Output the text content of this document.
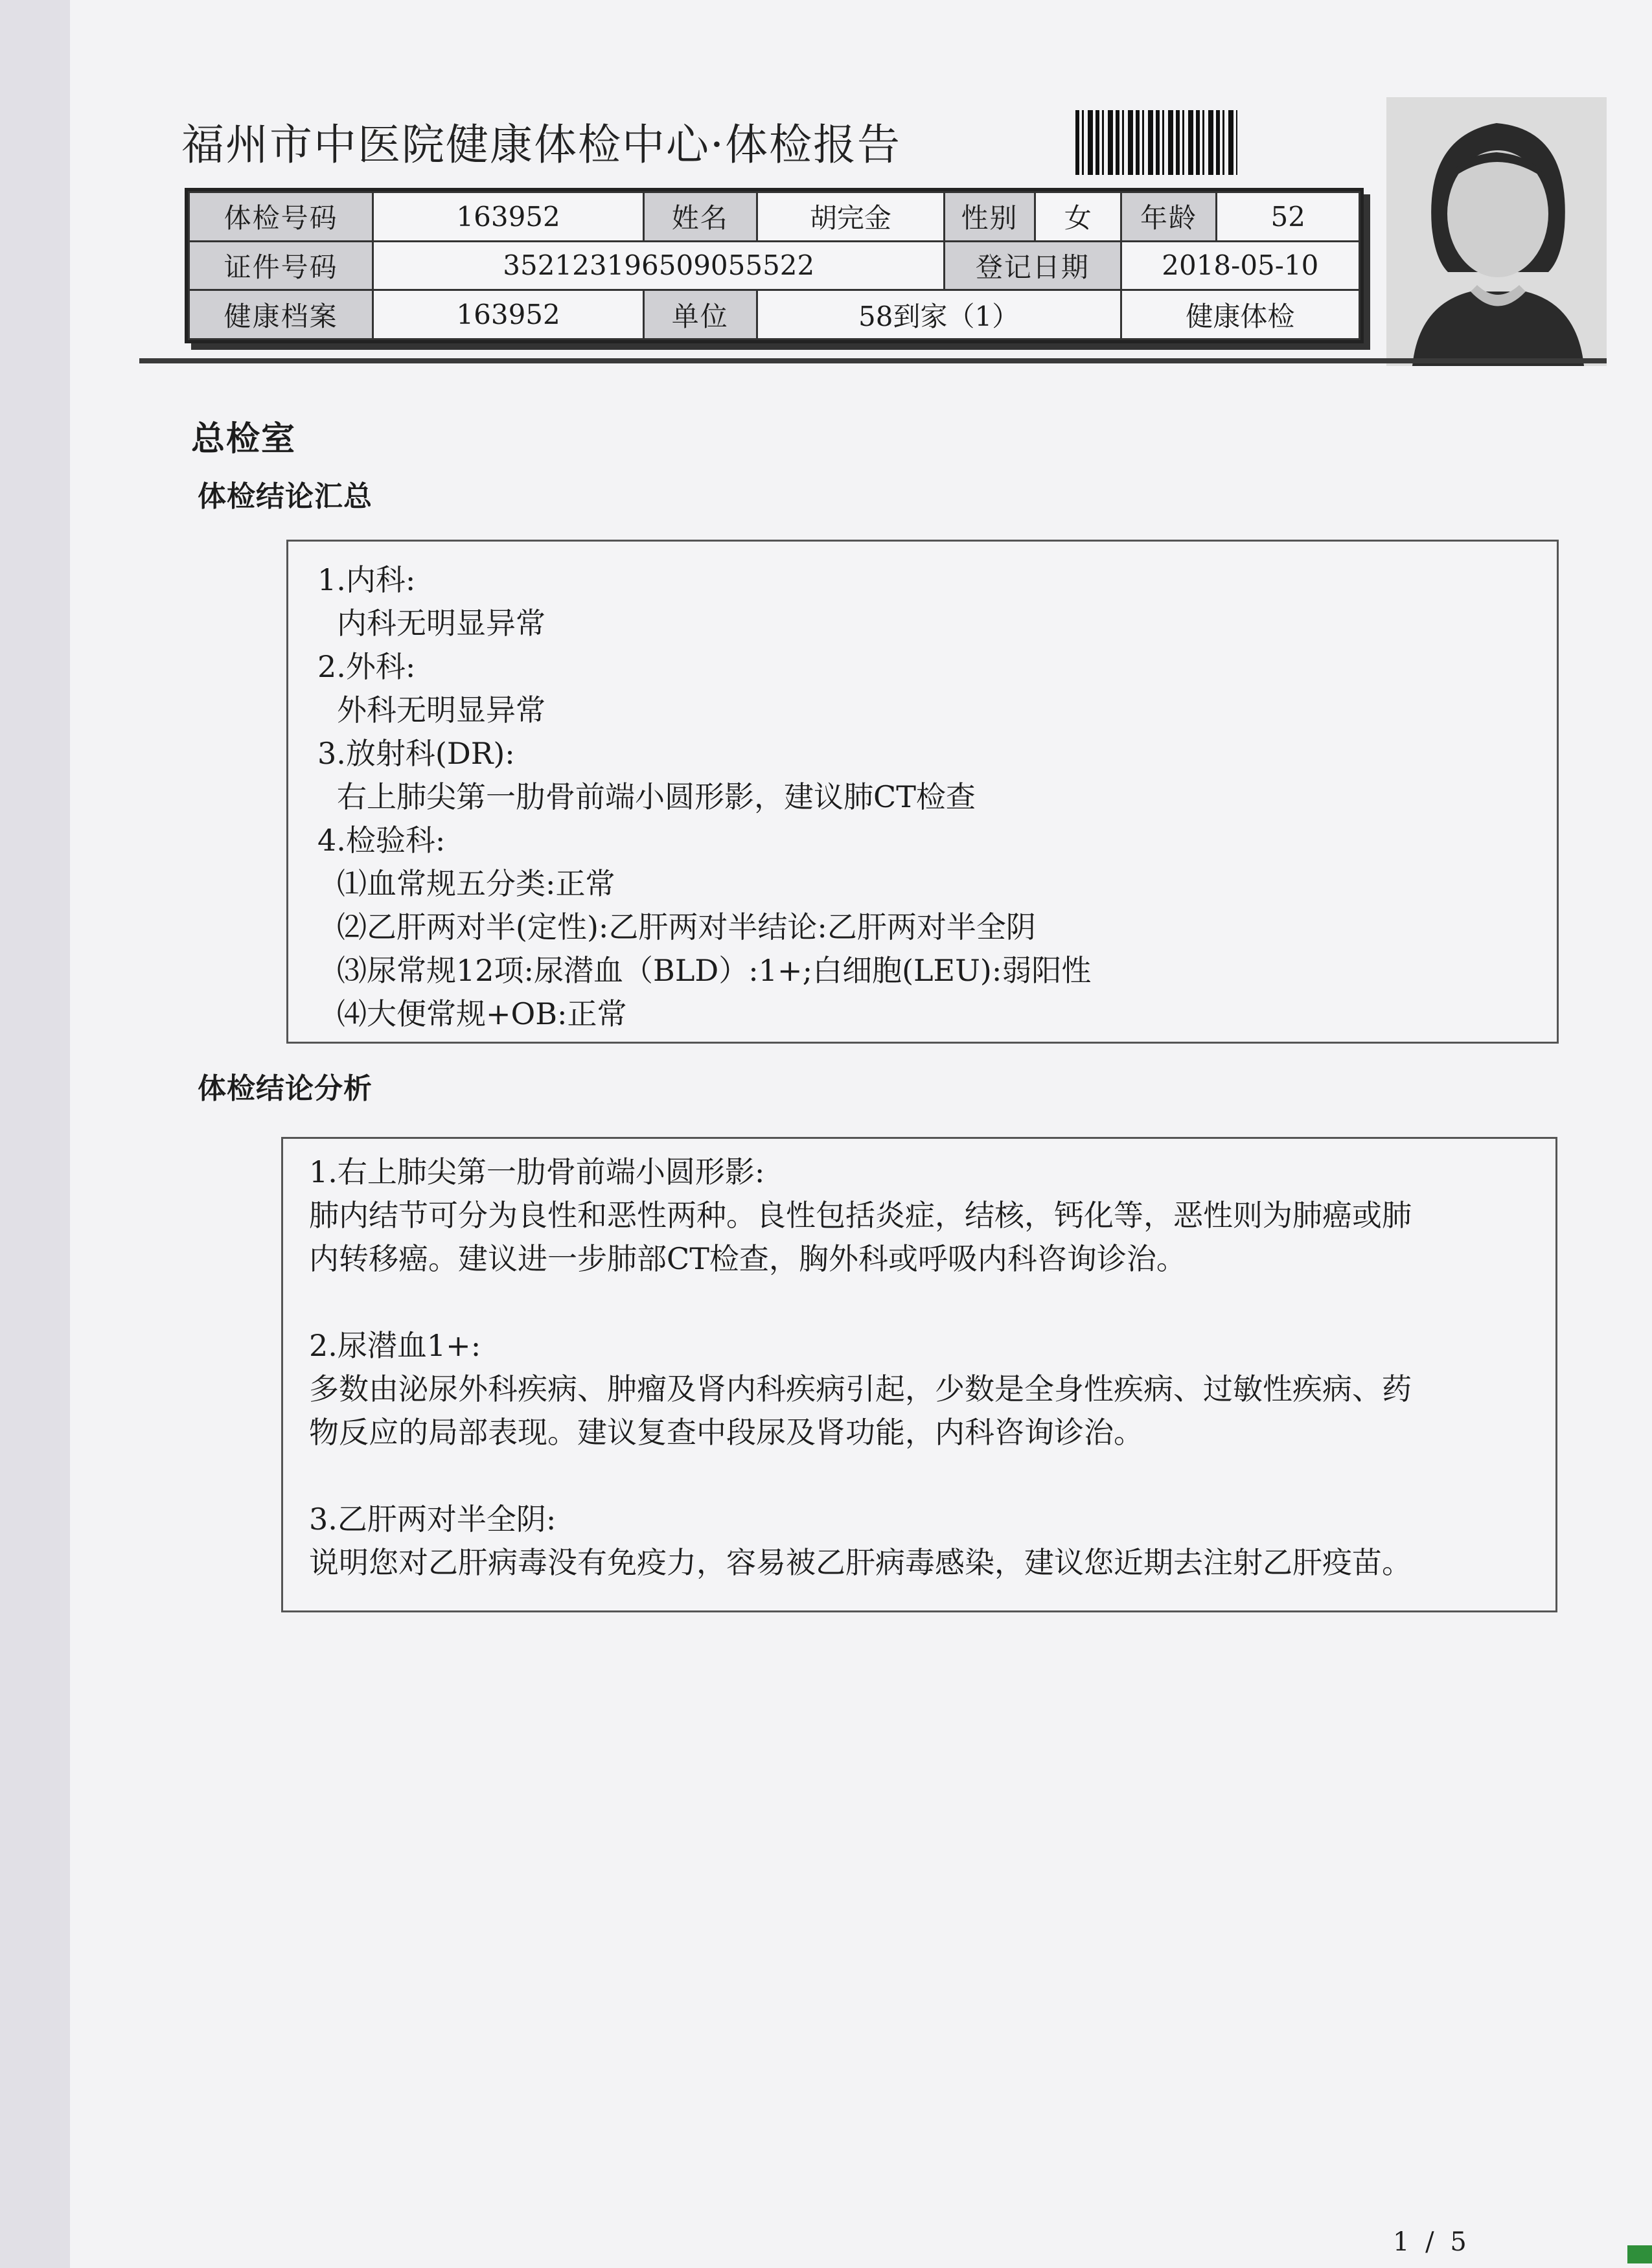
福州市中医院健康体检中心·体检报告
体检号码	163952	姓名	胡完金	性别	女	年龄	52
证件号码	352123196509055522			登记日期		2018-05-10	
健康档案	163952	单位	58到家（1）			健康体检	
总检室
体检结论汇总
1.内科:
内科无明显异常
2.外科:
外科无明显异常
3.放射科(DR):
右上肺尖第一肋骨前端小圆形影，建议肺CT检查
4.检验科:
⑴血常规五分类:正常
⑵乙肝两对半(定性):乙肝两对半结论:乙肝两对半全阴
⑶尿常规12项:尿潜血（BLD）:1+;白细胞(LEU):弱阳性
⑷大便常规+OB:正常
体检结论分析
1.右上肺尖第一肋骨前端小圆形影:
肺内结节可分为良性和恶性两种。良性包括炎症，结核，钙化等，恶性则为肺癌或肺
内转移癌。建议进一步肺部CT检查，胸外科或呼吸内科咨询诊治。
2.尿潜血1+:
多数由泌尿外科疾病、肿瘤及肾内科疾病引起，少数是全身性疾病、过敏性疾病、药
物反应的局部表现。建议复查中段尿及肾功能，内科咨询诊治。
3.乙肝两对半全阴:
说明您对乙肝病毒没有免疫力，容易被乙肝病毒感染，建议您近期去注射乙肝疫苗。
1 / 5
